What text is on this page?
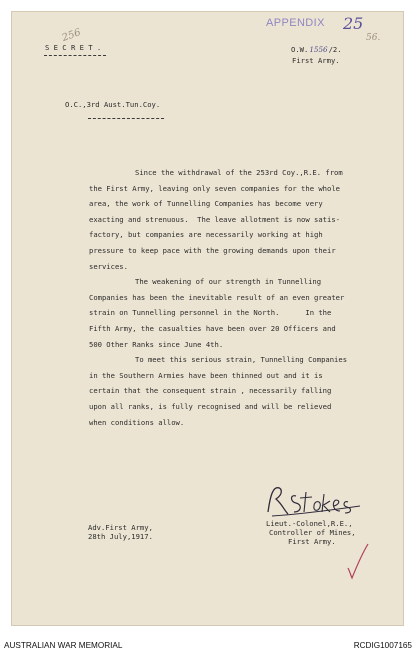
APPENDIX 25
56.
256
S E C R E T .	O.W.1556/2.
First Army.
O.C.,3rd Aust.Tun.Coy.

Since the withdrawal of the 253rd Coy.,R.E. from

the First Army, leaving only seven companies for the whole

area, the work of Tunnelling Companies has become very

exacting and strenuous.  The leave allotment is now satis-

factory, but companies are necessarily working at high

pressure to keep pace with the growing demands upon their

services.

The weakening of our strength in Tunnelling

Companies has been the inevitable result of an even greater

strain on Tunnelling personnel in the North.      In the

Fifth Army, the casualties have been over 20 Officers and

500 Other Ranks since June 4th.

To meet this serious strain, Tunnelling Companies

in the Southern Armies have been thinned out and it is

certain that the consequent strain , necessarily falling

upon all ranks, is fully recognised and will be relieved

when conditions allow.

Adv.First Army,
28th July,1917.
Lieut.-Colonel,R.E.,
Controller of Mines,
First Army.
AUSTRALIAN WAR MEMORIAL	RCDIG1007165
